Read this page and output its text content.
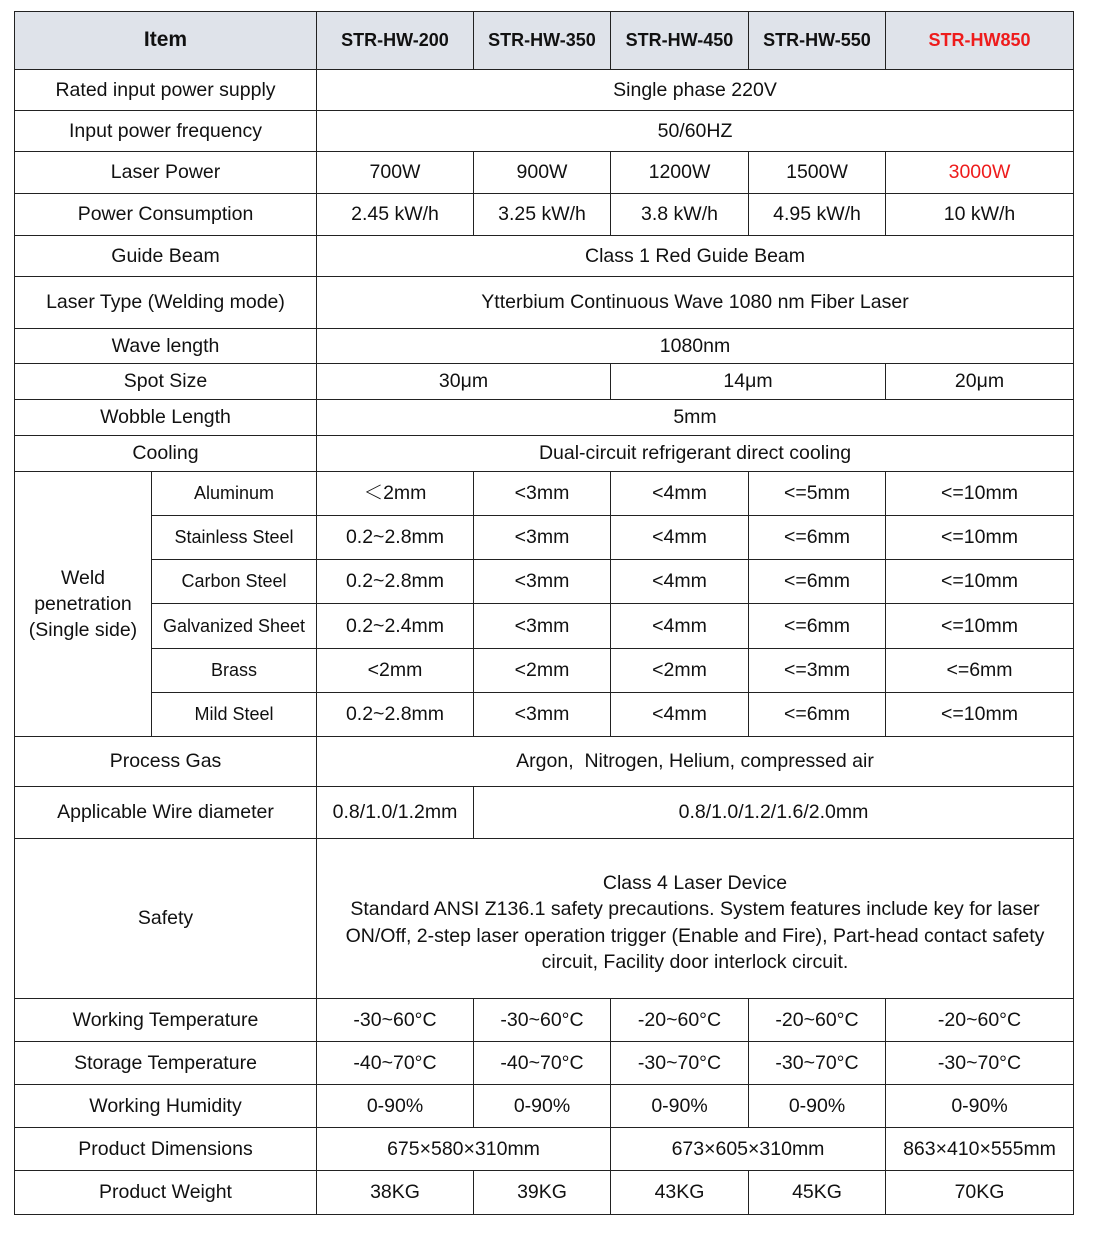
Item		STR-HW-200	STR-HW-350	STR-HW-450	STR-HW-550	STR-HW850
Rated input power supply		Single phase 220V				
Input power frequency		50/60HZ				
Laser Power		700W	900W	1200W	1500W	3000W
Power Consumption		2.45 kW/h	3.25 kW/h	3.8 kW/h	4.95 kW/h	10 kW/h
Guide Beam		Class 1 Red Guide Beam				
Laser Type (Welding mode)		Ytterbium Continuous Wave 1080 nm Fiber Laser				
Wave length		1080nm				
Spot Size		30μm		14μm		20μm
Wobble Length		5mm				
Cooling		Dual-circuit refrigerant direct cooling				

Weld
penetration
(Single side)	Aluminum	＜2mm	<3mm	<4mm	<=5mm	<=10mm
	Stainless Steel	0.2~2.8mm	<3mm	<4mm	<=6mm	<=10mm
	Carbon Steel	0.2~2.8mm	<3mm	<4mm	<=6mm	<=10mm
	Galvanized Sheet	0.2~2.4mm	<3mm	<4mm	<=6mm	<=10mm
	Brass	<2mm	<2mm	<2mm	<=3mm	<=6mm
	Mild Steel	0.2~2.8mm	<3mm	<4mm	<=6mm	<=10mm
Process Gas		Argon,  Nitrogen, Helium, compressed air				
Applicable Wire diameter		0.8/1.0/1.2mm	0.8/1.0/1.2/1.6/2.0mm			
Safety		Class 4 Laser Device
Standard ANSI Z136.1 safety precautions. System features include key for laser ON/Off, 2-step laser operation trigger (Enable and Fire), Part-head contact safety circuit, Facility door interlock circuit.				

Working Temperature		-30~60°C	-30~60°C	-20~60°C	-20~60°C	-20~60°C
Storage Temperature		-40~70°C	-40~70°C	-30~70°C	-30~70°C	-30~70°C
Working Humidity		0-90%	0-90%	0-90%	0-90%	0-90%
Product Dimensions		675×580×310mm		673×605×310mm		863×410×555mm
Product Weight		38KG	39KG	43KG	45KG	70KG
